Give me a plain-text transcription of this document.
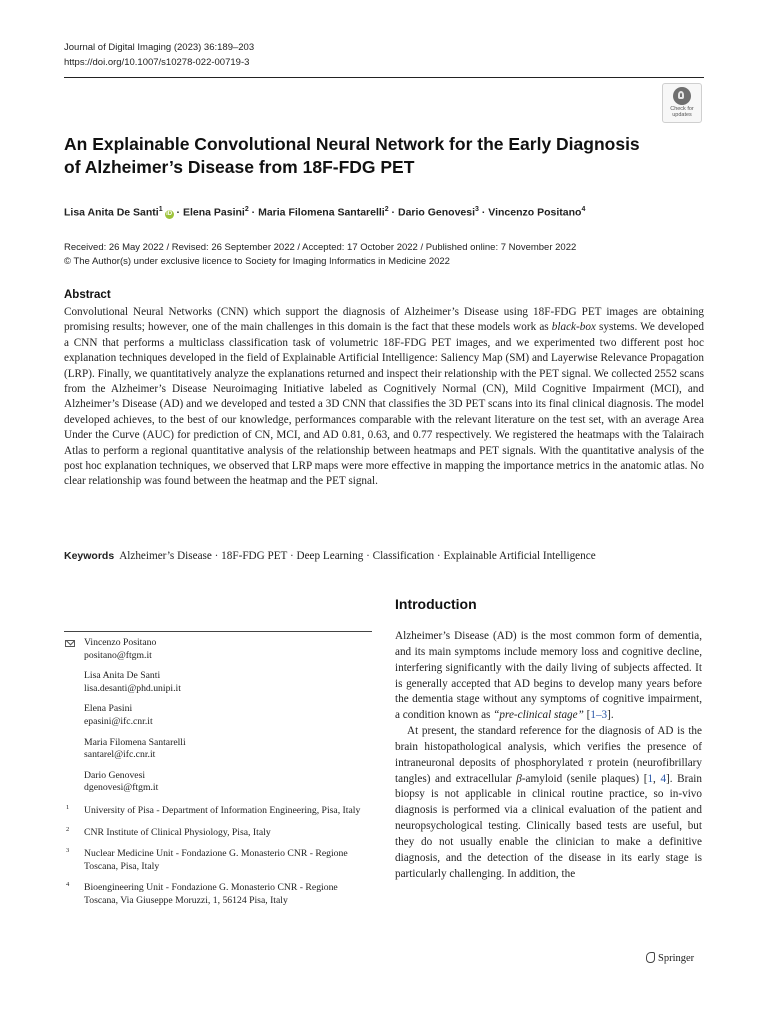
Journal of Digital Imaging (2023) 36:189–203
https://doi.org/10.1007/s10278-022-00719-3
Check for
updates
An Explainable Convolutional Neural Network for the Early Diagnosis
of Alzheimer’s Disease from 18F-FDG PET
Lisa Anita De Santi$^1$iD · Elena Pasini$^2$ · Maria Filomena Santarelli$^2$ · Dario Genovesi$^3$ · Vincenzo Positano$^4$
Received: 26 May 2022 / Revised: 26 September 2022 / Accepted: 17 October 2022 / Published online: 7 November 2022
© The Author(s) under exclusive licence to Society for Imaging Informatics in Medicine 2022
Abstract
Convolutional Neural Networks (CNN) which support the diagnosis of Alzheimer’s Disease using 18F-FDG PET images are obtaining promising results; however, one of the main challenges in this domain is the fact that these models work as black-box systems. We developed a CNN that performs a multiclass classification task of volumetric 18F-FDG PET images, and we experimented two different post hoc explanation techniques developed in the field of Explainable Artificial Intelligence: Saliency Map (SM) and Layerwise Relevance Propagation (LRP). Finally, we quantitatively analyze the explanations returned and inspect their relationship with the PET signal. We collected 2552 scans from the Alzheimer’s Disease Neuroimaging Initiative labeled as Cognitively Normal (CN), Mild Cognitive Impairment (MCI), and Alzheimer’s Disease (AD) and we developed and tested a 3D CNN that classifies the 3D PET scans into its final clinical diagnosis. The model developed achieves, to the best of our knowledge, performances comparable with the relevant literature on the test set, with an average Area Under the Curve (AUC) for prediction of CN, MCI, and AD 0.81, 0.63, and 0.77 respectively. We registered the heatmaps with the Talairach Atlas to perform a regional quantitative analysis of the relationship between heatmaps and PET signals. With the quantitative analysis of the post hoc explanation techniques, we observed that LRP maps were more effective in mapping the importance metrics in the anatomic atlas. No clear relationship was found between the heatmap and the PET signal.
Keywords Alzheimer’s Disease · 18F-FDG PET · Deep Learning · Classification · Explainable Artificial Intelligence
Introduction

Alzheimer’s Disease (AD) is the most common form of dementia, and its main symptoms include memory loss and cognitive decline, interfering significantly with the daily living of subjects affected. It is generally accepted that AD begins to develop many years before the dementia stage without any symptoms of cognitive impairment, a condition known as “pre-clinical stage” [1–3].

At present, the standard reference for the diagnosis of AD is the brain histopathological analysis, which verifies the presence of intraneuronal deposits of phosphorylated τ protein (neurofibrillary tangles) and extracellular β-amyloid (senile plaques) [1, 4]. Brain biopsy is not applicable in clinical routine practice, so in-vivo diagnosis is performed via a clinical evaluation of the patient and neuropsychological testing. Clinically based tests are useful, but they do not usually enable the clinician to make a definitive diagnosis, and the detection of the disease in its early stage is particularly challenging. In addition, the

Vincenzo Positano
positano@ftgm.it
Lisa Anita De Santi
lisa.desanti@phd.unipi.it
Elena Pasini
epasini@ifc.cnr.it
Maria Filomena Santarelli
santarel@ifc.cnr.it
Dario Genovesi
dgenovesi@ftgm.it
1 University of Pisa - Department of Information Engineering, Pisa, Italy
2 CNR Institute of Clinical Physiology, Pisa, Italy
3 Nuclear Medicine Unit - Fondazione G. Monasterio CNR - Regione Toscana, Pisa, Italy
4 Bioengineering Unit - Fondazione G. Monasterio CNR - Regione Toscana, Via Giuseppe Moruzzi, 1, 56124 Pisa, Italy
Springer
